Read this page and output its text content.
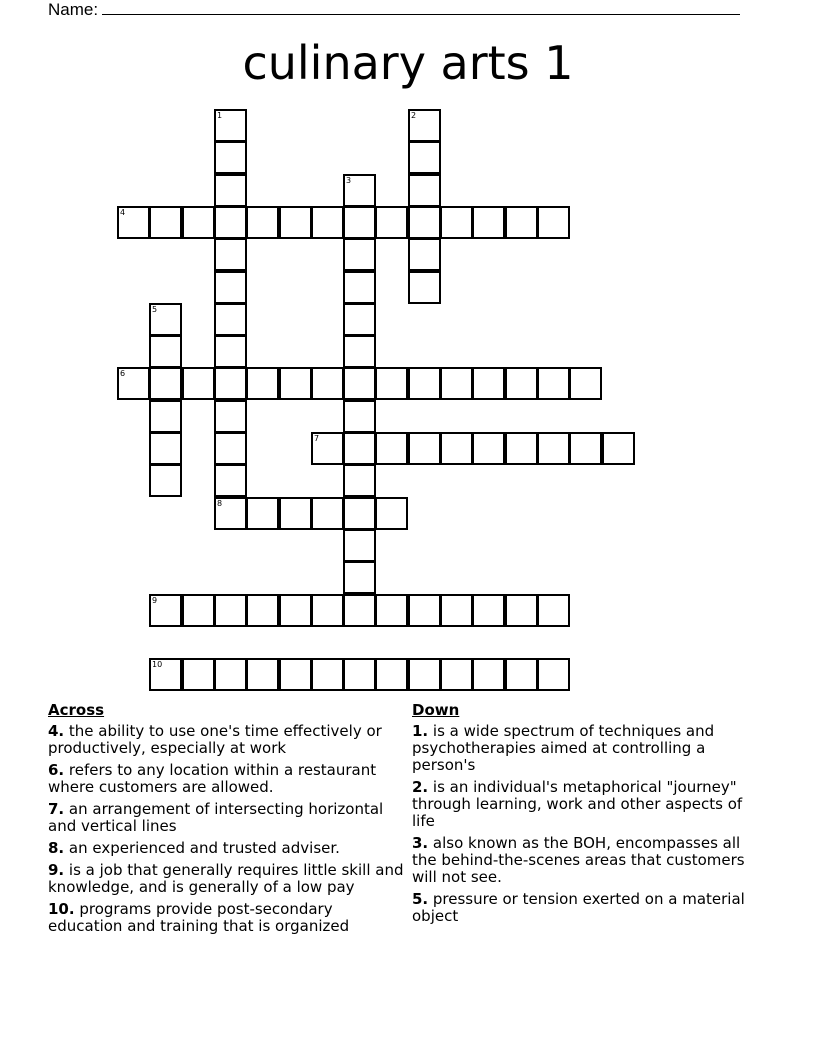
Name:
culinary arts 1
1
8
2
3
4
5
6
7
9
10
Across
4. the ability to use one's time effectively or productively, especially at work
6. refers to any location within a restaurant where customers are allowed.
7. an arrangement of intersecting horizontal and vertical lines
8. an experienced and trusted adviser.
9. is a job that generally requires little skill and knowledge, and is generally of a low pay
10. programs provide post-secondary education and training that is organized
Down
1. is a wide spectrum of techniques and psychotherapies aimed at controlling a person's
2. is an individual's metaphorical "journey" through learning, work and other aspects of life
3. also known as the BOH, encompasses all the behind-the-scenes areas that customers will not see.
5. pressure or tension exerted on a material object
